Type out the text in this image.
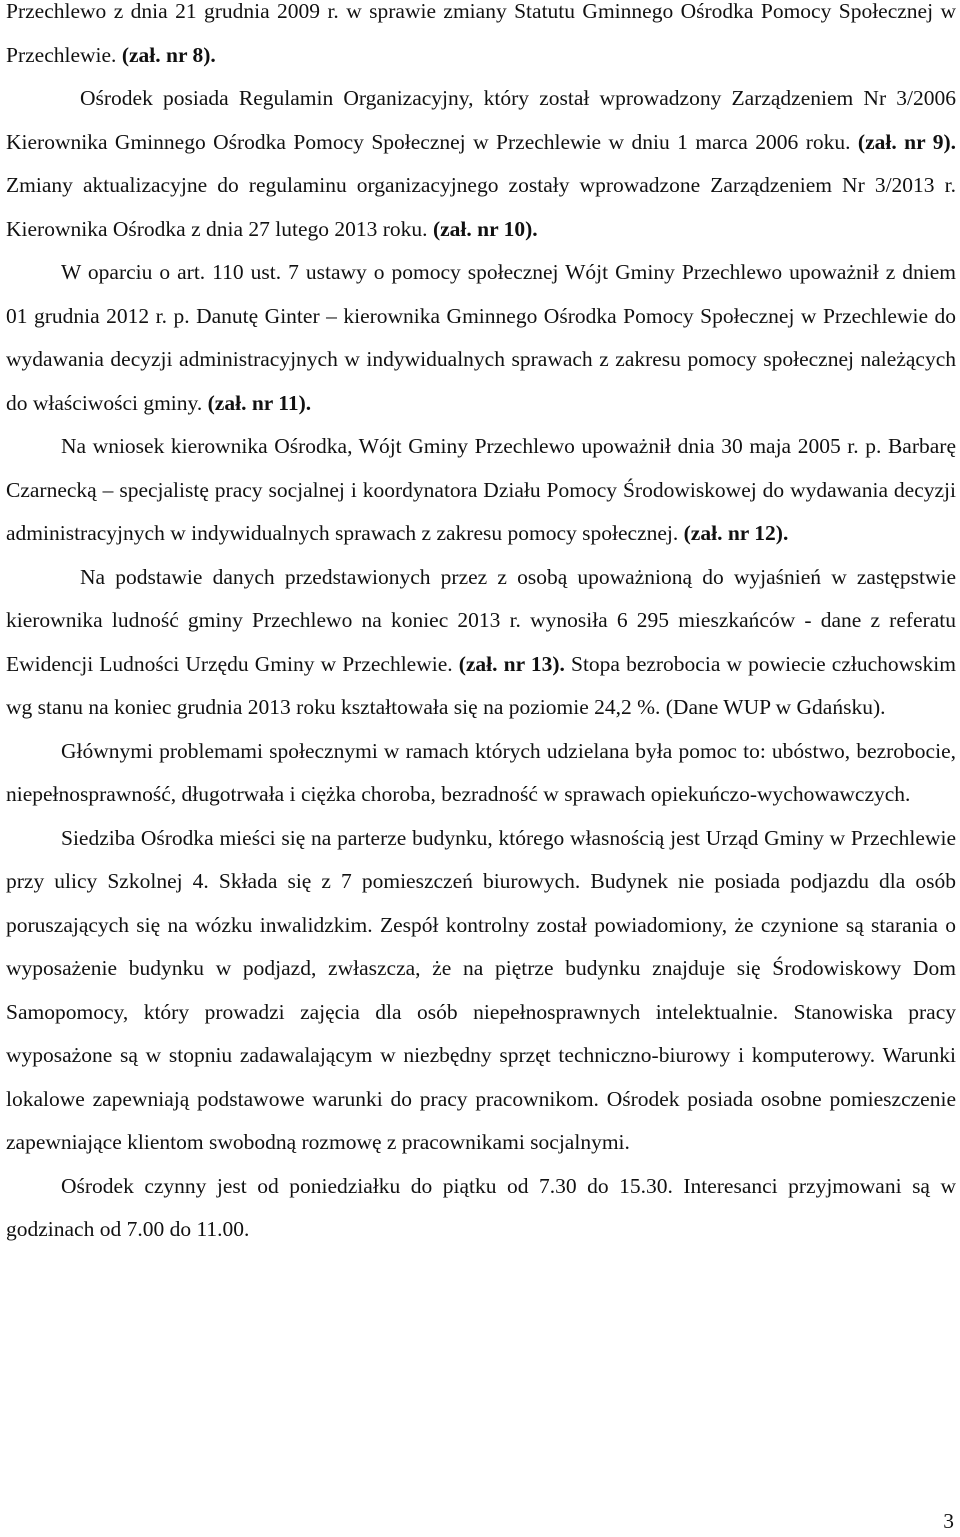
Przechlewo z dnia 21 grudnia 2009 r. w sprawie zmiany Statutu Gminnego Ośrodka Pomocy Społecznej w Przechlewie. (zał. nr 8).

Ośrodek posiada Regulamin Organizacyjny, który został wprowadzony Zarządzeniem Nr 3/2006 Kierownika Gminnego Ośrodka Pomocy Społecznej w Przechlewie w dniu 1 marca 2006 roku. (zał. nr 9). Zmiany aktualizacyjne do regulaminu organizacyjnego zostały wprowadzone Zarządzeniem Nr 3/2013 r. Kierownika Ośrodka z dnia 27 lutego 2013 roku. (zał. nr 10).

W oparciu o art. 110 ust. 7 ustawy o pomocy społecznej Wójt Gminy Przechlewo upoważnił z dniem 01 grudnia 2012 r. p. Danutę Ginter – kierownika Gminnego Ośrodka Pomocy Społecznej w Przechlewie do wydawania decyzji administracyjnych w indywidualnych sprawach z zakresu pomocy społecznej należących do właściwości gminy. (zał. nr 11).

Na wniosek kierownika Ośrodka, Wójt Gminy Przechlewo upoważnił dnia 30 maja 2005 r. p. Barbarę Czarnecką – specjalistę pracy socjalnej i koordynatora Działu Pomocy Środowiskowej do wydawania decyzji administracyjnych w indywidualnych sprawach z zakresu pomocy społecznej. (zał. nr 12).

Na podstawie danych przedstawionych przez z osobą upoważnioną do wyjaśnień w zastępstwie kierownika ludność gminy Przechlewo na koniec 2013 r. wynosiła 6 295 mieszkańców - dane z referatu Ewidencji Ludności Urzędu Gminy w Przechlewie. (zał. nr 13). Stopa bezrobocia w powiecie człuchowskim wg stanu na koniec grudnia 2013 roku kształtowała się na poziomie 24,2 %. (Dane WUP w Gdańsku).

Głównymi problemami społecznymi w ramach których udzielana była pomoc to: ubóstwo, bezrobocie, niepełnosprawność, długotrwała i ciężka choroba, bezradność w sprawach opiekuńczo-wychowawczych.

Siedziba Ośrodka mieści się na parterze budynku, którego własnością jest Urząd Gminy w Przechlewie przy ulicy Szkolnej 4. Składa się z 7 pomieszczeń biurowych. Budynek nie posiada podjazdu dla osób poruszających się na wózku inwalidzkim. Zespół kontrolny został powiadomiony, że czynione są starania o wyposażenie budynku w podjazd, zwłaszcza, że na piętrze budynku znajduje się Środowiskowy Dom Samopomocy, który prowadzi zajęcia dla osób niepełnosprawnych intelektualnie. Stanowiska pracy wyposażone są w stopniu zadawalającym w niezbędny sprzęt techniczno-biurowy i komputerowy. Warunki lokalowe zapewniają podstawowe warunki do pracy pracownikom. Ośrodek posiada osobne pomieszczenie zapewniające klientom swobodną rozmowę z pracownikami socjalnymi.

Ośrodek czynny jest od poniedziałku do piątku od 7.30 do 15.30. Interesanci przyjmowani są w godzinach od 7.00 do 11.00.

3
